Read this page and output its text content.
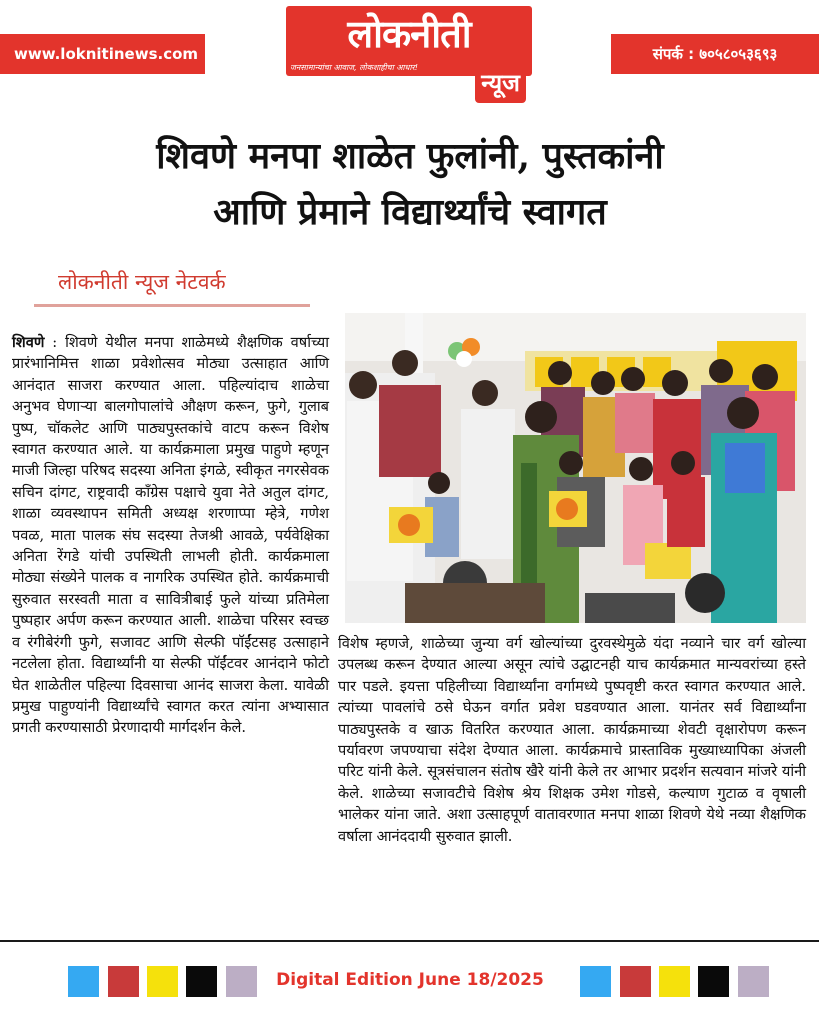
www.loknitinews.com	संपर्क : ७०५८०५३६९३
लोकनीती
जनसामान्यांचा आवाज, लोकशाहीचा आधार!
न्यूज
शिवणे मनपा शाळेत फुलांनी, पुस्तकांनी
आणि प्रेमाने विद्यार्थ्यांचे स्वागत
लोकनीती न्यूज नेटवर्क
शिवणे : शिवणे येथील मनपा शाळेमध्ये शैक्षणिक वर्षाच्या प्रारंभानिमित्त शाळा प्रवेशोत्सव मोठ्या उत्साहात आणि आनंदात साजरा करण्यात आला. पहिल्यांदाच शाळेचा अनुभव घेणाऱ्या बालगोपालांचे औक्षण करून, फुगे, गुलाब पुष्प, चॉकलेट आणि पाठ्यपुस्तकांचे वाटप करून विशेष स्वागत करण्यात आले. या कार्यक्रमाला प्रमुख पाहुणे म्हणून माजी जिल्हा परिषद सदस्या अनिता इंगळे, स्वीकृत नगरसेवक सचिन दांगट, राष्ट्रवादी कॉंग्रेस पक्षाचे युवा नेते अतुल दांगट, शाळा व्यवस्थापन समिती अध्यक्ष शरणाप्पा म्हेत्रे, गणेश पवळ, माता पालक संघ सदस्या तेजश्री आवळे, पर्यवेक्षिका अनिता रेंगडे यांची उपस्थिती लाभली होती. कार्यक्रमाला मोठ्या संख्येने पालक व नागरिक उपस्थित होते. कार्यक्रमाची सुरुवात सरस्वती माता व सावित्रीबाई फुले यांच्या प्रतिमेला पुष्पहार अर्पण करून करण्यात आली. शाळेचा परिसर स्वच्छ व रंगीबेरंगी फुगे, सजावट आणि सेल्फी पॉईंटसह उत्साहाने नटलेला होता. विद्यार्थ्यांनी या सेल्फी पॉईंटवर आनंदाने फोटो घेत शाळेतील पहिल्या दिवसाचा आनंद साजरा केला. यावेळी प्रमुख पाहुण्यांनी विद्यार्थ्यांचे स्वागत करत त्यांना अभ्यासात प्रगती करण्यासाठी प्रेरणादायी मार्गदर्शन केले.
विशेष म्हणजे, शाळेच्या जुन्या वर्ग खोल्यांच्या दुरवस्थेमुळे यंदा नव्याने चार वर्ग खोल्या उपलब्ध करून देण्यात आल्या असून त्यांचे उद्घाटनही याच कार्यक्रमात मान्यवरांच्या हस्ते पार पडले. इयत्ता पहिलीच्या विद्यार्थ्यांना वर्गामध्ये पुष्पवृष्टी करत स्वागत करण्यात आले. त्यांच्या पावलांचे ठसे घेऊन वर्गात प्रवेश घडवण्यात आला. यानंतर सर्व विद्यार्थ्यांना पाठ्यपुस्तके व खाऊ वितरित करण्यात आला. कार्यक्रमाच्या शेवटी वृक्षारोपण करून पर्यावरण जपण्याचा संदेश देण्यात आला. कार्यक्रमाचे प्रास्ताविक मुख्याध्यापिका अंजली परिट यांनी केले. सूत्रसंचालन संतोष खैरे यांनी केले तर आभार प्रदर्शन सत्यवान मांजरे यांनी केले. शाळेच्या सजावटीचे विशेष श्रेय शिक्षक उमेश गोडसे, कल्याण गुटाळ व वृषाली भालेकर यांना जाते. अशा उत्साहपूर्ण वातावरणात मनपा शाळा शिवणे येथे नव्या शैक्षणिक वर्षाला आनंददायी सुरुवात झाली.
Digital Edition June 18/2025
